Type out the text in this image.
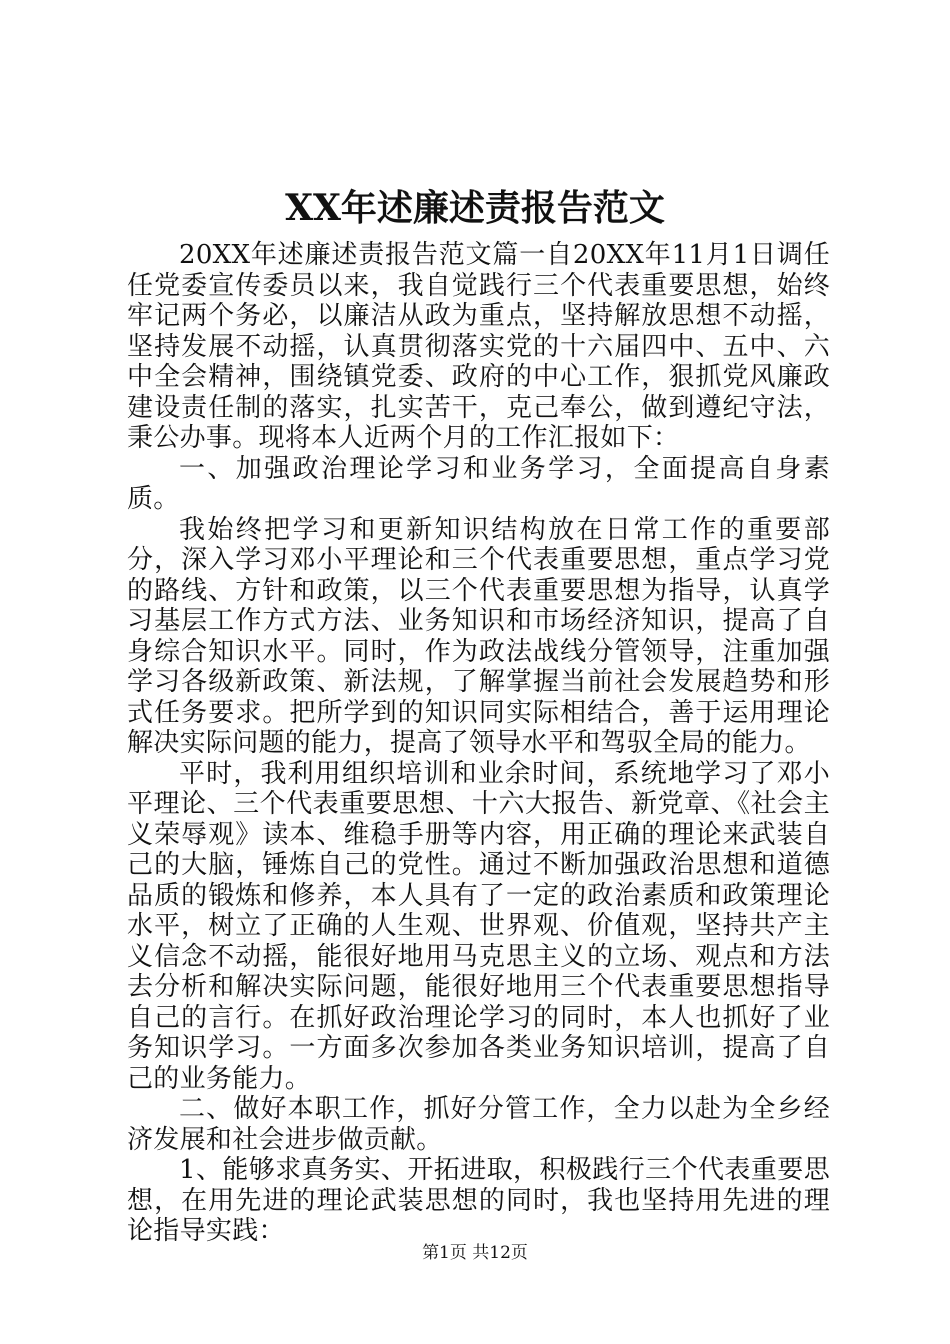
XX年述廉述责报告范文

20XX年述廉述责报告范文篇一自20XX年11月1日调任任党委宣传委员以来，我自觉践行三个代表重要思想，始终牢记两个务必，以廉洁从政为重点，坚持解放思想不动摇，坚持发展不动摇，认真贯彻落实党的十六届四中、五中、六中全会精神，围绕镇党委、政府的中心工作，狠抓党风廉政建设责任制的落实，扎实苦干，克己奉公，做到遵纪守法，秉公办事。现将本人近两个月的工作汇报如下：

一、加强政治理论学习和业务学习，全面提高自身素质。

我始终把学习和更新知识结构放在日常工作的重要部分，深入学习邓小平理论和三个代表重要思想，重点学习党的路线、方针和政策，以三个代表重要思想为指导，认真学习基层工作方式方法、业务知识和市场经济知识，提高了自身综合知识水平。同时，作为政法战线分管领导，注重加强学习各级新政策、新法规，了解掌握当前社会发展趋势和形式任务要求。把所学到的知识同实际相结合，善于运用理论解决实际问题的能力，提高了领导水平和驾驭全局的能力。

平时，我利用组织培训和业余时间，系统地学习了邓小平理论、三个代表重要思想、十六大报告、新党章、《社会主义荣辱观》读本、维稳手册等内容，用正确的理论来武装自己的大脑，锤炼自己的党性。通过不断加强政治思想和道德品质的锻炼和修养，本人具有了一定的政治素质和政策理论水平，树立了正确的人生观、世界观、价值观，坚持共产主义信念不动摇，能很好地用马克思主义的立场、观点和方法去分析和解决实际问题，能很好地用三个代表重要思想指导自己的言行。在抓好政治理论学习的同时，本人也抓好了业务知识学习。一方面多次参加各类业务知识培训，提高了自己的业务能力。

二、做好本职工作，抓好分管工作，全力以赴为全乡经济发展和社会进步做贡献。

1、能够求真务实、开拓进取，积极践行三个代表重要思想，在用先进的理论武装思想的同时，我也坚持用先进的理论指导实践：

第1页 共12页
